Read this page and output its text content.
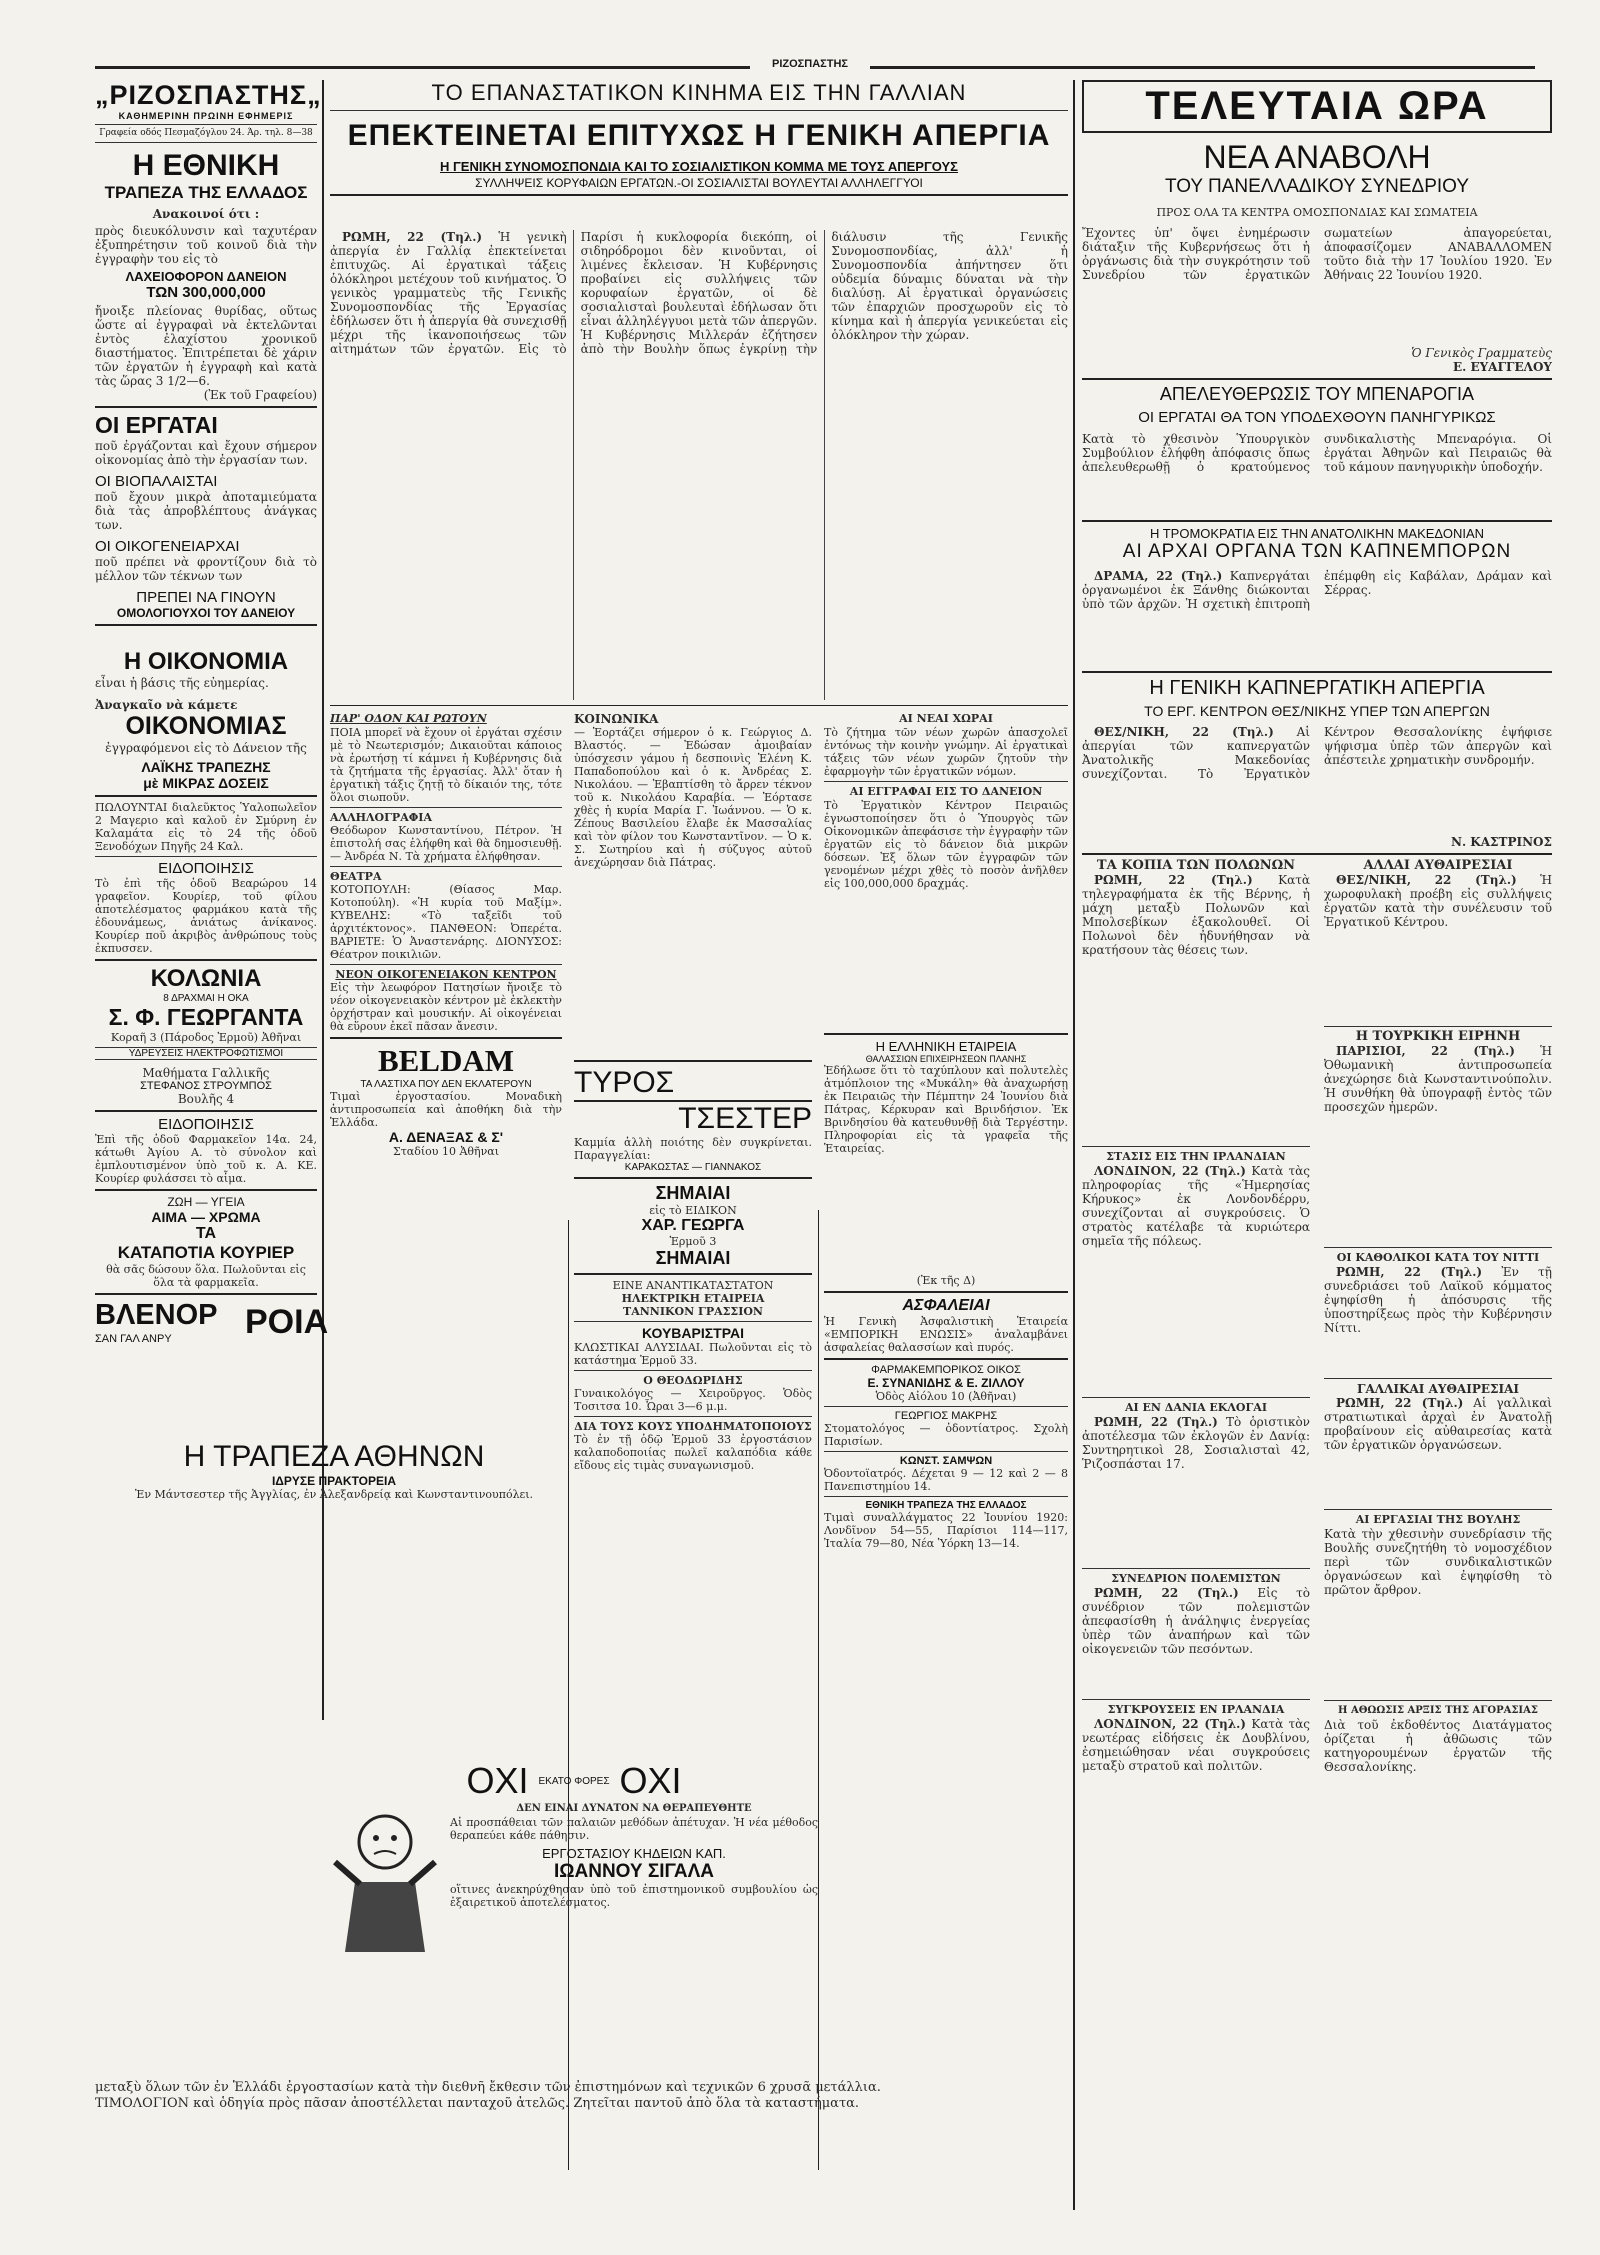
ΡΙΖΟΣΠΑΣΤΗΣ
„ΡΙΖΟΣΠΑΣΤΗΣ„
ΚΑΘΗΜΕΡΙΝΗ ΠΡΩΙΝΗ ΕΦΗΜΕΡΙΣ
Γραφεία οδός Πεσμαζόγλου 24. Άρ. τηλ. 8—38
Η ΕΘΝΙΚΗ
ΤΡΑΠΕΖΑ ΤΗΣ ΕΛΛΑΔΟΣ
Ανακοινοί ότι :
πρὸς διευκόλυνσιν καὶ ταχυτέραν ἐξυπηρέτησιν τοῦ κοινοῦ διὰ τὴν ἐγγραφὴν του εἰς τὸ
ΛΑΧΕΙΟΦΟΡΟΝ ΔΑΝΕΙΟΝ
ΤΩΝ 300,000,000
ἤνοιξε πλείονας θυρίδας, οὕτως ὥστε αἱ ἐγγραφαὶ νὰ ἐκτελῶνται ἐντὸς ἐλαχίστου χρονικοῦ διαστήματος. Ἐπιτρέπεται δὲ χάριν τῶν ἐργατῶν ἡ ἐγγραφὴ καὶ κατὰ τὰς ὥρας 3 1/2—6.
(Ἐκ τοῦ Γραφείου)
ΟΙ ΕΡΓΑΤΑΙ
ποῦ ἐργάζονται καὶ ἔχουν σήμερον οἰκονομίας ἀπὸ τὴν ἐργασίαν των.
ΟΙ ΒΙΟΠΑΛΑΙΣΤΑΙ
ποῦ ἔχουν μικρὰ ἀποταμιεύματα διὰ τὰς ἀπροβλέπτους ἀνάγκας των.
ΟΙ ΟΙΚΟΓΕΝΕΙΑΡΧΑΙ
ποῦ πρέπει νὰ φροντίζουν διὰ τὸ μέλλον τῶν τέκνων των
ΠΡΕΠΕΙ ΝΑ ΓΙΝΟΥΝ
ΟΜΟΛΟΓΙΟΥΧΟΙ ΤΟΥ ΔΑΝΕΙΟΥ
Η ΟΙΚΟΝΟΜΙΑ
εἶναι ἡ βάσις τῆς εὐημερίας.
Ἀναγκαῖο νὰ κάμετε
ΟΙΚΟΝΟΜΙΑΣ
ἐγγραφόμενοι εἰς τὸ Δάνειον τῆς
ΛΑΪΚΗΣ ΤΡΑΠΕΖΗΣ
μὲ ΜΙΚΡΑΣ ΔΟΣΕΙΣ
ΠΩΛΟΥΝΤΑΙ διαλεῦκτος Ὑαλοπωλεῖον 2 Μαγεριο καὶ καλοῦ ἐν Σμύρνη ἐν Καλαμάτα εἰς τὸ 24 τῆς ὁδοῦ Ξενοδόχων Πηγῆς 24 Καλ.
ΕΙΔΟΠΟΙΗΣΙΣ
Τὸ ἐπὶ τῆς ὁδοῦ Βεαρώρου 14 γραφεῖον. Κουρίερ, τοῦ φίλου ἀποτελέσματος φαρμάκου κατὰ τῆς ἐδουνάμεως, ἀνιάτως ἀνίκανος. Κουρίερ ποῦ ἀκριβὸς ἀνθρώπους τοὺς ἐκπυσσεν.
ΚΟΛΩΝΙΑ
8 ΔΡΑΧΜΑΙ Η ΟΚΑ
Σ. Φ. ΓΕΩΡΓΑΝΤΑ
Κοραῆ 3 (Πάροδος Ἐρμοῦ) Ἀθῆναι
ΥΔΡΕΥΣΕΙΣ ΗΛΕΚΤΡΟΦΩΤΙΣΜΟΙ
Μαθήματα Γαλλικῆς
ΣΤΕΦΑΝΟΣ ΣΤΡΟΥΜΠΟΣ
Βουλῆς 4
ΕΙΔΟΠΟΙΗΣΙΣ
Ἐπὶ τῆς ὁδοῦ Φαρμακεῖον 14α. 24, κάτωθι Ἀγίου Α. τὸ σύνολον καὶ ἐμπλουτισμένον ὑπὸ τοῦ κ. Α. ΚΕ. Κουρίερ φυλάσσει τὸ αἷμα.
ΖΩΗ — ΥΓΕΙΑ
ΑΙΜΑ — ΧΡΩΜΑ
ΤΑ
ΚΑΤΑΠΟΤΙΑ ΚΟΥΡΙΕΡ
θὰ σᾶς δώσουν ὅλα. Πωλοῦνται εἰς ὅλα τὰ φαρμακεῖα.
ΒΛΕΝΟΡ
ΣΑΝ ΓΑΛ ΑΝΡΥ ΡΟΙΑ
ΤΟ ΕΠΑΝΑΣΤΑΤΙΚΟΝ ΚΙΝΗΜΑ ΕΙΣ ΤΗΝ ΓΑΛΛΙΑΝ
ΕΠΕΚΤΕΙΝΕΤΑΙ ΕΠΙΤΥΧΩΣ Η ΓΕΝΙΚΗ ΑΠΕΡΓΙΑ
Η ΓΕΝΙΚΗ ΣΥΝΟΜΟΣΠΟΝΔΙΑ ΚΑΙ ΤΟ ΣΟΣΙΑΛΙΣΤΙΚΟΝ ΚΟΜΜΑ ΜΕ ΤΟΥΣ ΑΠΕΡΓΟΥΣ
ΣΥΛΛΗΨΕΙΣ ΚΟΡΥΦΑΙΩΝ ΕΡΓΑΤΩΝ.-ΟΙ ΣΟΣΙΑΛΙΣΤΑΙ ΒΟΥΛΕΥΤΑΙ ΑΛΛΗΛΕΓΓΥΟΙ

ΡΩΜΗ, 22 (Τηλ.) Ἡ γενικὴ ἀπεργία ἐν Γαλλίᾳ ἐπεκτείνεται ἐπιτυχῶς. Αἱ ἐργατικαὶ τάξεις ὁλόκληροι μετέχουν τοῦ κινήματος. Ὁ γενικὸς γραμματεὺς τῆς Γενικῆς Συνομοσπονδίας τῆς Ἐργασίας ἐδήλωσεν ὅτι ἡ ἀπεργία θὰ συνεχισθῇ μέχρι τῆς ἱκανοποιήσεως τῶν αἰτημάτων τῶν ἐργατῶν. Εἰς τὸ Παρίσι ἡ κυκλοφορία διεκόπη, οἱ σιδηρόδρομοι δὲν κινοῦνται, οἱ λιμένες ἔκλεισαν. Ἡ Κυβέρνησις προβαίνει εἰς συλλήψεις τῶν κορυφαίων ἐργατῶν, οἱ δὲ σοσιαλισταὶ βουλευταὶ ἐδήλωσαν ὅτι εἶναι ἀλληλέγγυοι μετὰ τῶν ἀπεργῶν. Ἡ Κυβέρνησις Μιλλεράν ἐζήτησεν ἀπὸ τὴν Βουλὴν ὅπως ἐγκρίνῃ τὴν διάλυσιν τῆς Γενικῆς Συνομοσπονδίας, ἀλλ' ἡ Συνομοσπονδία ἀπήντησεν ὅτι οὐδεμία δύναμις δύναται νὰ τὴν διαλύσῃ. Αἱ ἐργατικαὶ ὀργανώσεις τῶν ἐπαρχιῶν προσχωροῦν εἰς τὸ κίνημα καὶ ἡ ἀπεργία γενικεύεται εἰς ὁλόκληρον τὴν χώραν.

ΠΑΡ' ΟΔΟΝ ΚΑΙ ΡΩΤΟΥΝ
ΠΟΙΑ μπορεῖ νὰ ἔχουν οἱ ἐργάται σχέσιν μὲ τὸ Νεωτερισμόν; Δικαιοῦται κάποιος νὰ ἐρωτήσῃ τί κάμνει ἡ Κυβέρνησις διὰ τὰ ζητήματα τῆς ἐργασίας. Ἀλλ' ὅταν ἡ ἐργατικὴ τάξις ζητῇ τὸ δίκαιόν της, τότε ὅλοι σιωποῦν.
ΑΛΛΗΛΟΓΡΑΦΙΑ
Θεόδωρον Κωνσταντίνου, Πέτρον. Ἡ ἐπιστολή σας ἐλήφθη καὶ θὰ δημοσιευθῇ. — Ἀνδρέα Ν. Τὰ χρήματα ἐλήφθησαν.
ΘΕΑΤΡΑ
ΚΟΤΟΠΟΥΛΗ: (Θίασος Μαρ. Κοτοπούλη). «Ἡ κυρία τοῦ Μαξίμ». ΚΥΒΕΛΗΣ: «Τὸ ταξεῖδι τοῦ ἀρχιτέκτονος». ΠΑΝΘΕΟΝ: Ὀπερέτα. ΒΑΡΙΕΤΕ: Ὁ Ἀναστενάρης. ΔΙΟΝΥΣΟΣ: Θέατρον ποικιλιῶν.
ΝΕΟΝ ΟΙΚΟΓΕΝΕΙΑΚΟΝ ΚΕΝΤΡΟΝ
Εἰς τὴν λεωφόρον Πατησίων ἤνοιξε τὸ νέον οἰκογενειακὸν κέντρον μὲ ἐκλεκτὴν ὀρχήστραν καὶ μουσικήν. Αἱ οἰκογένειαι θὰ εὕρουν ἐκεῖ πᾶσαν ἄνεσιν.
BELDAM
ΤΑ ΛΑΣΤΙΧΑ ΠΟΥ ΔΕΝ ΕΚΛΑΤΕΡΟΥΝ
Τιμαὶ ἐργοστασίου. Μοναδικὴ ἀντιπροσωπεία καὶ ἀποθήκη διὰ τὴν Ἑλλάδα.
Α. ΔΕΝΑΞΑΣ & Σ'
Σταδίου 10 Ἀθῆναι
Η ΤΡΑΠΕΖΑ ΑΘΗΝΩΝ
ΙΔΡΥΣΕ ΠΡΑΚΤΟΡΕΙΑ
Ἐν Μάντσεστερ τῆς Ἀγγλίας, ἐν Ἀλεξανδρείᾳ καὶ Κωνσταντινουπόλει.
ΚΟΙΝΩΝΙΚΑ
— Ἑορτάζει σήμερον ὁ κ. Γεώργιος Δ. Βλαστός. — Ἐδώσαν ἀμοιβαίαν ὑπόσχεσιν γάμου ἡ δεσποινὶς Ἑλένη Κ. Παπαδοπούλου καὶ ὁ κ. Ἀνδρέας Σ. Νικολάου. — Ἐβαπτίσθη τὸ ἄρρεν τέκνον τοῦ κ. Νικολάου Καραβία. — Ἑόρτασε χθὲς ἡ κυρία Μαρία Γ. Ἰωάννου. — Ὁ κ. Ζέπους Βασιλείου ἔλαβε ἐκ Μασσαλίας καὶ τὸν φίλον του Κωνσταντῖνον. — Ὁ κ. Σ. Σωτηρίου καὶ ἡ σύζυγος αὐτοῦ ἀνεχώρησαν διὰ Πάτρας.
ΤΥΡΟΣ
ΤΣΕΣΤΕΡ
Καμμία ἀλλὴ ποιότης δὲν συγκρίνεται. Παραγγελίαι:
ΚΑΡΑΚΩΣΤΑΣ — ΓΙΑΝΝΑΚΟΣ
ΣΗΜΑΙΑΙ
εἰς τὸ ΕΙΔΙΚΟΝ
ΧΑΡ. ΓΕΩΡΓΑ
Ἑρμοῦ 3
ΣΗΜΑΙΑΙ
ΕΙΝΕ ΑΝΑΝΤΙΚΑΤΑΣΤΑΤΟΝ
ΗΛΕΚΤΡΙΚΗ ΕΤΑΙΡΕΙΑ
ΤΑΝΝΙΚΟΝ ΓΡΑΣΣΙΟΝ
ΚΟΥΒΑΡΙΣΤΡΑΙ
ΚΛΩΣΤΙΚΑΙ ΑΛΥΣΙΔΑΙ. Πωλοῦνται εἰς τὸ κατάστημα Ἑρμοῦ 33.
Ο ΘΕΟΔΩΡΙΔΗΣ
Γυναικολόγος — Χειροῦργος. Ὁδὸς Τοσιτσα 10. Ὧραι 3—6 μ.μ.
ΔΙΑ ΤΟΥΣ ΚΟΥΣ ΥΠΟΔΗΜΑΤΟΠΟΙΟΥΣ
Τὸ ἐν τῇ ὁδῷ Ἑρμοῦ 33 ἐργοστάσιον καλαποδοποιίας πωλεῖ καλαπόδια κάθε εἴδους εἰς τιμὰς συναγωνισμοῦ.
ΑΙ ΝΕΑΙ ΧΩΡΑΙ
Τὸ ζήτημα τῶν νέων χωρῶν ἀπασχολεῖ ἐντόνως τὴν κοινὴν γνώμην. Αἱ ἐργατικαὶ τάξεις τῶν νέων χωρῶν ζητοῦν τὴν ἐφαρμογὴν τῶν ἐργατικῶν νόμων.
ΑΙ ΕΓΓΡΑΦΑΙ ΕΙΣ ΤΟ ΔΑΝΕΙΟΝ
Τὸ Ἐργατικὸν Κέντρον Πειραιῶς ἐγνωστοποίησεν ὅτι ὁ Ὑπουργὸς τῶν Οἰκονομικῶν ἀπεφάσισε τὴν ἐγγραφὴν τῶν ἐργατῶν εἰς τὸ δάνειον διὰ μικρῶν δόσεων. Ἐξ ὅλων τῶν ἐγγραφῶν τῶν γενομένων μέχρι χθὲς τὸ ποσὸν ἀνῆλθεν εἰς 100,000,000 δραχμάς.
Η ΕΛΛΗΝΙΚΗ ΕΤΑΙΡΕΙΑ
ΘΑΛΑΣΣΙΩΝ ΕΠΙΧΕΙΡΗΣΕΩΝ ΠΛΑΝΗΣ
Ἐδήλωσε ὅτι τὸ ταχύπλουν καὶ πολυτελὲς ἀτμόπλοιον της «Μυκάλη» θὰ ἀναχωρήσῃ ἐκ Πειραιῶς τὴν Πέμπτην 24 Ἰουνίου διὰ Πάτρας, Κέρκυραν καὶ Βρινδήσιον. Ἐκ Βρινδησίου θὰ κατευθυνθῇ διὰ Τεργέστην. Πληροφορίαι εἰς τὰ γραφεῖα τῆς Ἑταιρείας.
(Ἐκ τῆς Δ)
ΑΣΦΑΛΕΙΑΙ
Ἡ Γενικὴ Ἀσφαλιστικὴ Ἑταιρεία «ΕΜΠΟΡΙΚΗ ΕΝΩΣΙΣ» ἀναλαμβάνει ἀσφαλείας θαλασσίων καὶ πυρός.
ΦΑΡΜΑΚΕΜΠΟΡΙΚΟΣ ΟΙΚΟΣ
Ε. ΣΥΝΑΝΙΔΗΣ & Ε. ΖΙΛΛΟΥ
Ὁδὸς Αἰόλου 10 (Ἀθῆναι)
ΓΕΩΡΓΙΟΣ ΜΑΚΡΗΣ
Στοματολόγος — ὀδοντίατρος. Σχολὴ Παρισίων.
ΚΩΝΣΤ. ΣΑΜΨΩΝ
Ὀδοντοϊατρός. Δέχεται 9 — 12 καὶ 2 — 8 Πανεπιστημίου 14.
ΕΘΝΙΚΗ ΤΡΑΠΕΖΑ ΤΗΣ ΕΛΛΑΔΟΣ
Τιμαὶ συναλλάγματος 22 Ἰουνίου 1920: Λονδῖνον 54—55, Παρίσιοι 114—117, Ἰταλία 79—80, Νέα Ὑόρκη 13—14.
ΤΕΛΕΥΤΑΙΑ ΩΡΑ
ΝΕΑ ΑΝΑΒΟΛΗ
ΤΟΥ ΠΑΝΕΛΛΑΔΙΚΟΥ ΣΥΝΕΔΡΙΟΥ
ΠΡΟΣ ΟΛΑ ΤΑ ΚΕΝΤΡΑ ΟΜΟΣΠΟΝΔΙΑΣ ΚΑΙ ΣΩΜΑΤΕΙΑ
Ἔχοντες ὑπ' ὄψει ἐνημέρωσιν διάταξιν τῆς Κυβερνήσεως ὅτι ἡ ὀργάνωσις διὰ τὴν συγκρότησιν τοῦ Συνεδρίου τῶν ἐργατικῶν σωματείων ἀπαγορεύεται, ἀποφασίζομεν ΑΝΑΒΑΛΛΟΜΕΝ τοῦτο διὰ τὴν 17 Ἰουλίου 1920. Ἐν Ἀθήναις 22 Ἰουνίου 1920.
Ὁ Γενικὸς Γραμματεὺς
Ε. ΕΥΑΓΓΕΛΟΥ
ΑΠΕΛΕΥΘΕΡΩΣΙΣ ΤΟΥ ΜΠΕΝΑΡΟΓΙΑ
ΟΙ ΕΡΓΑΤΑΙ ΘΑ ΤΟΝ ΥΠΟΔΕΧΘΟΥΝ ΠΑΝΗΓΥΡΙΚΩΣ
Κατὰ τὸ χθεσινὸν Ὑπουργικὸν Συμβούλιον ἐλήφθη ἀπόφασις ὅπως ἀπελευθερωθῇ ὁ κρατούμενος συνδικαλιστὴς Μπεναρόγια. Οἱ ἐργάται Ἀθηνῶν καὶ Πειραιῶς θὰ τοῦ κάμουν πανηγυρικὴν ὑποδοχήν.
Η ΤΡΟΜΟΚΡΑΤΙΑ ΕΙΣ ΤΗΝ ΑΝΑΤΟΛΙΚΗΝ ΜΑΚΕΔΟΝΙΑΝ
ΑΙ ΑΡΧΑΙ ΟΡΓΑΝΑ ΤΩΝ ΚΑΠΝΕΜΠΟΡΩΝ

ΔΡΑΜΑ, 22 (Τηλ.) Καπνεργάται ὀργανωμένοι ἐκ Ξάνθης διώκονται ὑπὸ τῶν ἀρχῶν. Ἡ σχετικὴ ἐπιτροπὴ ἐπέμφθη εἰς Καβάλαν, Δράμαν καὶ Σέρρας.

Η ΓΕΝΙΚΗ ΚΑΠΝΕΡΓΑΤΙΚΗ ΑΠΕΡΓΙΑ
ΤΟ ΕΡΓ. ΚΕΝΤΡΟΝ ΘΕΣ/ΝΙΚΗΣ ΥΠΕΡ ΤΩΝ ΑΠΕΡΓΩΝ

ΘΕΣ/ΝΙΚΗ, 22 (Τηλ.) Αἱ ἀπεργίαι τῶν καπνεργατῶν Ἀνατολικῆς Μακεδονίας συνεχίζονται. Τὸ Ἐργατικὸν Κέντρον Θεσσαλονίκης ἐψήφισε ψήφισμα ὑπὲρ τῶν ἀπεργῶν καὶ ἀπέστειλε χρηματικὴν συνδρομήν.

Ν. ΚΑΣΤΡΙΝΟΣ
ΤΑ ΚΟΠΙΑ ΤΩΝ ΠΟΛΩΝΩΝ

ΡΩΜΗ, 22 (Τηλ.) Κατὰ τηλεγραφήματα ἐκ τῆς Βέρνης, ἡ μάχη μεταξὺ Πολωνῶν καὶ Μπολσεβίκων ἐξακολουθεῖ. Οἱ Πολωνοὶ δὲν ἠδυνήθησαν νὰ κρατήσουν τὰς θέσεις των.

ΣΤΑΣΙΣ ΕΙΣ ΤΗΝ ΙΡΛΑΝΔΙΑΝ

ΛΟΝΔΙΝΟΝ, 22 (Τηλ.) Κατὰ τὰς πληροφορίας τῆς «Ἡμερησίας Κήρυκος» ἐκ Λονδονδέρρυ, συνεχίζονται αἱ συγκρούσεις. Ὁ στρατὸς κατέλαβε τὰ κυριώτερα σημεῖα τῆς πόλεως.

ΑΙ ΕΝ ΔΑΝΙΑ ΕΚΛΟΓΑΙ

ΡΩΜΗ, 22 (Τηλ.) Τὸ ὁριστικὸν ἀποτέλεσμα τῶν ἐκλογῶν ἐν Δανίᾳ: Συντηρητικοὶ 28, Σοσιαλισταὶ 42, Ῥιζοσπάσται 17.

ΣΥΝΕΔΡΙΟΝ ΠΟΛΕΜΙΣΤΩΝ

ΡΩΜΗ, 22 (Τηλ.) Εἰς τὸ συνέδριον τῶν πολεμιστῶν ἀπεφασίσθη ἡ ἀνάληψις ἐνεργείας ὑπὲρ τῶν ἀναπήρων καὶ τῶν οἰκογενειῶν τῶν πεσόντων.

ΣΥΓΚΡΟΥΣΕΙΣ ΕΝ ΙΡΛΑΝΔΙΑ

ΛΟΝΔΙΝΟΝ, 22 (Τηλ.) Κατὰ τὰς νεωτέρας εἰδήσεις ἐκ Δουβλίνου, ἐσημειώθησαν νέαι συγκρούσεις μεταξὺ στρατοῦ καὶ πολιτῶν.

ΑΛΛΑΙ ΑΥΘΑΙΡΕΣΙΑΙ

ΘΕΣ/ΝΙΚΗ, 22 (Τηλ.) Ἡ χωροφυλακὴ προέβη εἰς συλλήψεις ἐργατῶν κατὰ τὴν συνέλευσιν τοῦ Ἐργατικοῦ Κέντρου.

Η ΤΟΥΡΚΙΚΗ ΕΙΡΗΝΗ

ΠΑΡΙΣΙΟΙ, 22 (Τηλ.) Ἡ Ὀθωμανικὴ ἀντιπροσωπεία ἀνεχώρησε διὰ Κωνσταντινούπολιν. Ἡ συνθήκη θὰ ὑπογραφῇ ἐντὸς τῶν προσεχῶν ἡμερῶν.

ΟΙ ΚΑΘΟΛΙΚΟΙ ΚΑΤΑ ΤΟΥ ΝΙΤΤΙ

ΡΩΜΗ, 22 (Τηλ.) Ἐν τῇ συνεδριάσει τοῦ Λαϊκοῦ κόμματος ἐψηφίσθη ἡ ἀπόσυρσις τῆς ὑποστηρίξεως πρὸς τὴν Κυβέρνησιν Νίττι.

ΓΑΛΛΙΚΑΙ ΑΥΘΑΙΡΕΣΙΑΙ

ΡΩΜΗ, 22 (Τηλ.) Αἱ γαλλικαὶ στρατιωτικαὶ ἀρχαὶ ἐν Ἀνατολῇ προβαίνουν εἰς αὐθαιρεσίας κατὰ τῶν ἐργατικῶν ὀργανώσεων.

ΑΙ ΕΡΓΑΣΙΑΙ ΤΗΣ ΒΟΥΛΗΣ
Κατὰ τὴν χθεσινὴν συνεδρίασιν τῆς Βουλῆς συνεζητήθη τὸ νομοσχέδιον περὶ τῶν συνδικαλιστικῶν ὀργανώσεων καὶ ἐψηφίσθη τὸ πρῶτον ἄρθρον.
Η ΑΘΩΩΣΙΣ ΑΡΞΙΣ ΤΗΣ ΑΓΟΡΑΣΙΑΣ
Διὰ τοῦ ἐκδοθέντος Διατάγματος ὁρίζεται ἡ ἀθῶωσις τῶν κατηγορουμένων ἐργατῶν τῆς Θεσσαλονίκης.
ΟΧΙ ΕΚΑΤΟ ΦΟΡΕΣ ΟΧΙ
ΔΕΝ ΕΙΝΑΙ ΔΥΝΑΤΟΝ ΝΑ ΘΕΡΑΠΕΥΘΗΤΕ
Αἱ προσπάθειαι τῶν παλαιῶν μεθόδων ἀπέτυχαν. Ἡ νέα μέθοδος θεραπεύει κάθε πάθησιν.
ΕΡΓΟΣΤΑΣΙΟΥ ΚΗΔΕΙΩΝ ΚΑΠ.
ΙΩΑΝΝΟΥ ΣΙΓΑΛΑ
οἵτινες ἀνεκηρύχθησαν ὑπὸ τοῦ ἐπιστημονικοῦ συμβουλίου ὡς ἐξαιρετικοῦ ἀποτελέσματος.
μεταξὺ ὅλων τῶν ἐν Ἑλλάδι ἐργοστασίων κατὰ τὴν διεθνῆ ἔκθεσιν τῶν ἐπιστημόνων καὶ τεχνικῶν 6 χρυσᾶ μετάλλια.
ΤΙΜΟΛΟΓΙΟΝ καὶ ὁδηγία πρὸς πᾶσαν ἀποστέλλεται πανταχοῦ ἀτελῶς. Ζητεῖται παντοῦ ἀπὸ ὅλα τὰ καταστήματα.
